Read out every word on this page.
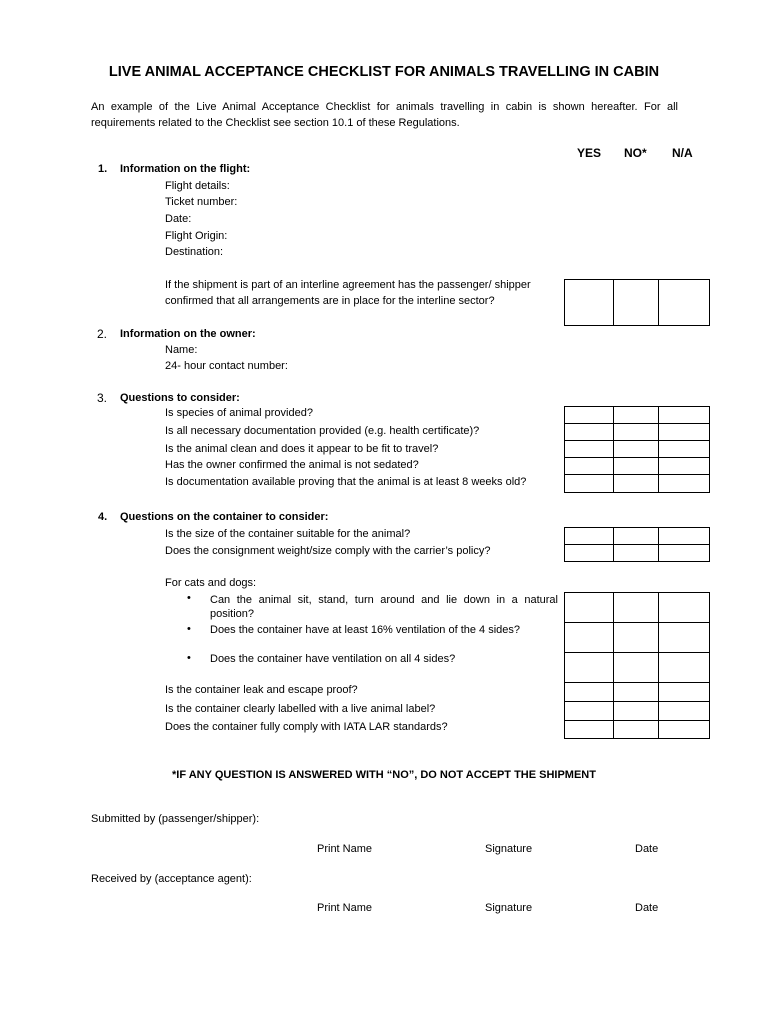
LIVE ANIMAL ACCEPTANCE CHECKLIST FOR ANIMALS TRAVELLING IN CABIN
An example of the Live Animal Acceptance Checklist for animals travelling in cabin is shown hereafter. For all requirements related to the Checklist see section 10.1 of these Regulations.
YES NO* N/A
1. Information on the flight:
Flight details:
Ticket number:
Date:
Flight Origin:
Destination:
If the shipment is part of an interline agreement has the passenger/ shipper
confirmed that all arrangements are in place for the interline sector?

2. Information on the owner:
Name:
24- hour contact number:
3. Questions to consider:
Is species of animal provided?
Is all necessary documentation provided (e.g. health certificate)?
Is the animal clean and does it appear to be fit to travel?
Has the owner confirmed the animal is not sedated?
Is documentation available proving that the animal is at least 8 weeks old?

4. Questions on the container to consider:
Is the size of the container suitable for the animal?
Does the consignment weight/size comply with the carrier’s policy?

For cats and dogs:
• Can the animal sit, stand, turn around and lie down in a natural position?
• Does the container have at least 16% ventilation of the 4 sides?
• Does the container have ventilation on all 4 sides?

Is the container leak and escape proof?
Is the container clearly labelled with a live animal label?
Does the container fully comply with IATA LAR standards?
*IF ANY QUESTION IS ANSWERED WITH “NO”, DO NOT ACCEPT THE SHIPMENT
Submitted by (passenger/shipper):
Print Name	Signature	Date
Received by (acceptance agent):
Print Name	Signature	Date
